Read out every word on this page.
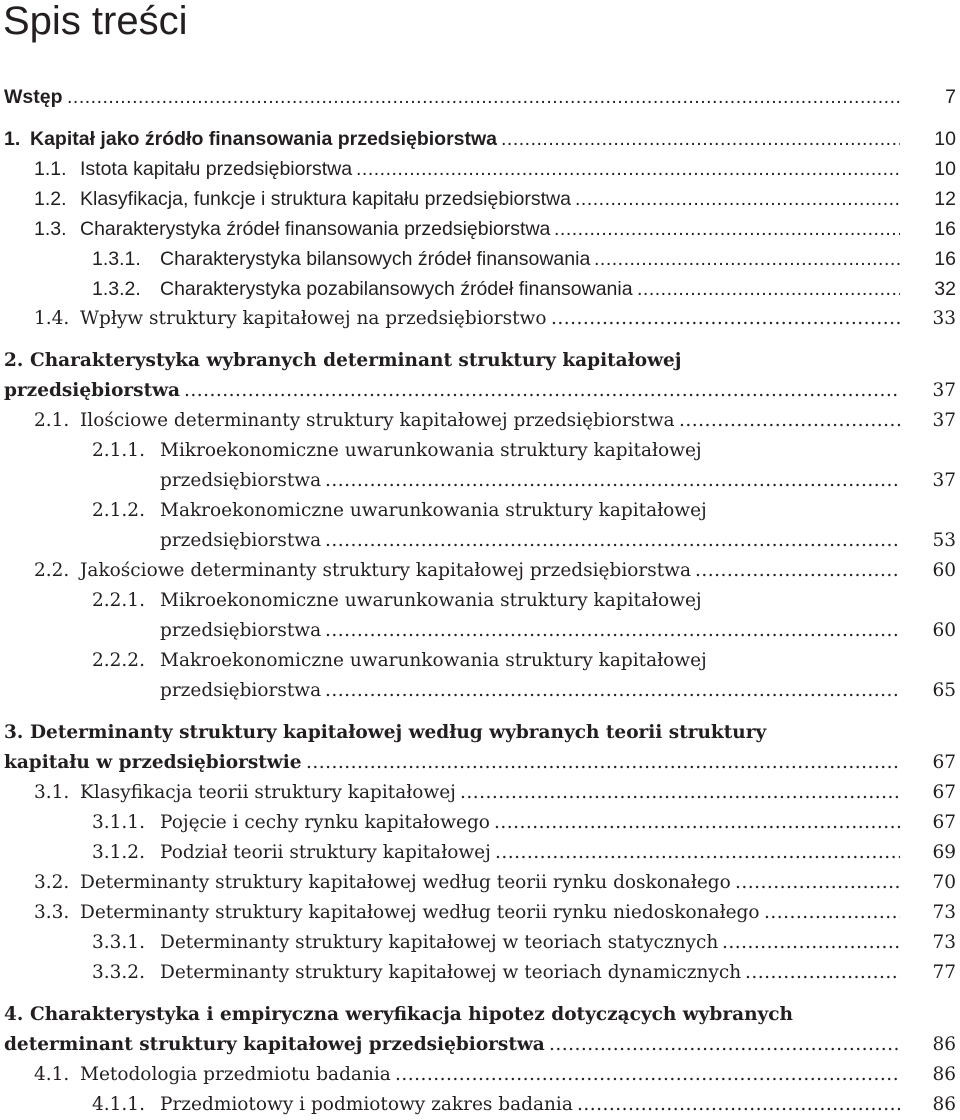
Spis treści
Wstęp .....	7
1. Kapitał jako źródło finansowania przedsiębiorstwa .....	10
1.1. Istota kapitału przedsiębiorstwa .....	10
1.2. Klasyfikacja, funkcje i struktura kapitału przedsiębiorstwa .....	12
1.3. Charakterystyka źródeł finansowania przedsiębiorstwa .....	16
1.3.1. Charakterystyka bilansowych źródeł finansowania .....	16
1.3.2. Charakterystyka pozabilansowych źródeł finansowania .....	32
1.4. Wpływ struktury kapitałowej na przedsiębiorstwo .....	33
2. Charakterystyka wybranych determinant struktury kapitałowej
przedsiębiorstwa .....	37
2.1. Ilościowe determinanty struktury kapitałowej przedsiębiorstwa .....	37
2.1.1. Mikroekonomiczne uwarunkowania struktury kapitałowej
przedsiębiorstwa .....	37
2.1.2. Makroekonomiczne uwarunkowania struktury kapitałowej
przedsiębiorstwa .....	53
2.2. Jakościowe determinanty struktury kapitałowej przedsiębiorstwa .....	60
2.2.1. Mikroekonomiczne uwarunkowania struktury kapitałowej
przedsiębiorstwa .....	60
2.2.2. Makroekonomiczne uwarunkowania struktury kapitałowej
przedsiębiorstwa .....	65
3. Determinanty struktury kapitałowej według wybranych teorii struktury
kapitału w przedsiębiorstwie .....	67
3.1. Klasyfikacja teorii struktury kapitałowej .....	67
3.1.1. Pojęcie i cechy rynku kapitałowego .....	67
3.1.2. Podział teorii struktury kapitałowej .....	69
3.2. Determinanty struktury kapitałowej według teorii rynku doskonałego .....	70
3.3. Determinanty struktury kapitałowej według teorii rynku niedoskonałego .....	73
3.3.1. Determinanty struktury kapitałowej w teoriach statycznych .....	73
3.3.2. Determinanty struktury kapitałowej w teoriach dynamicznych .....	77
4. Charakterystyka i empiryczna weryfikacja hipotez dotyczących wybranych
determinant struktury kapitałowej przedsiębiorstwa .....	86
4.1. Metodologia przedmiotu badania .....	86
4.1.1. Przedmiotowy i podmiotowy zakres badania .....	86
